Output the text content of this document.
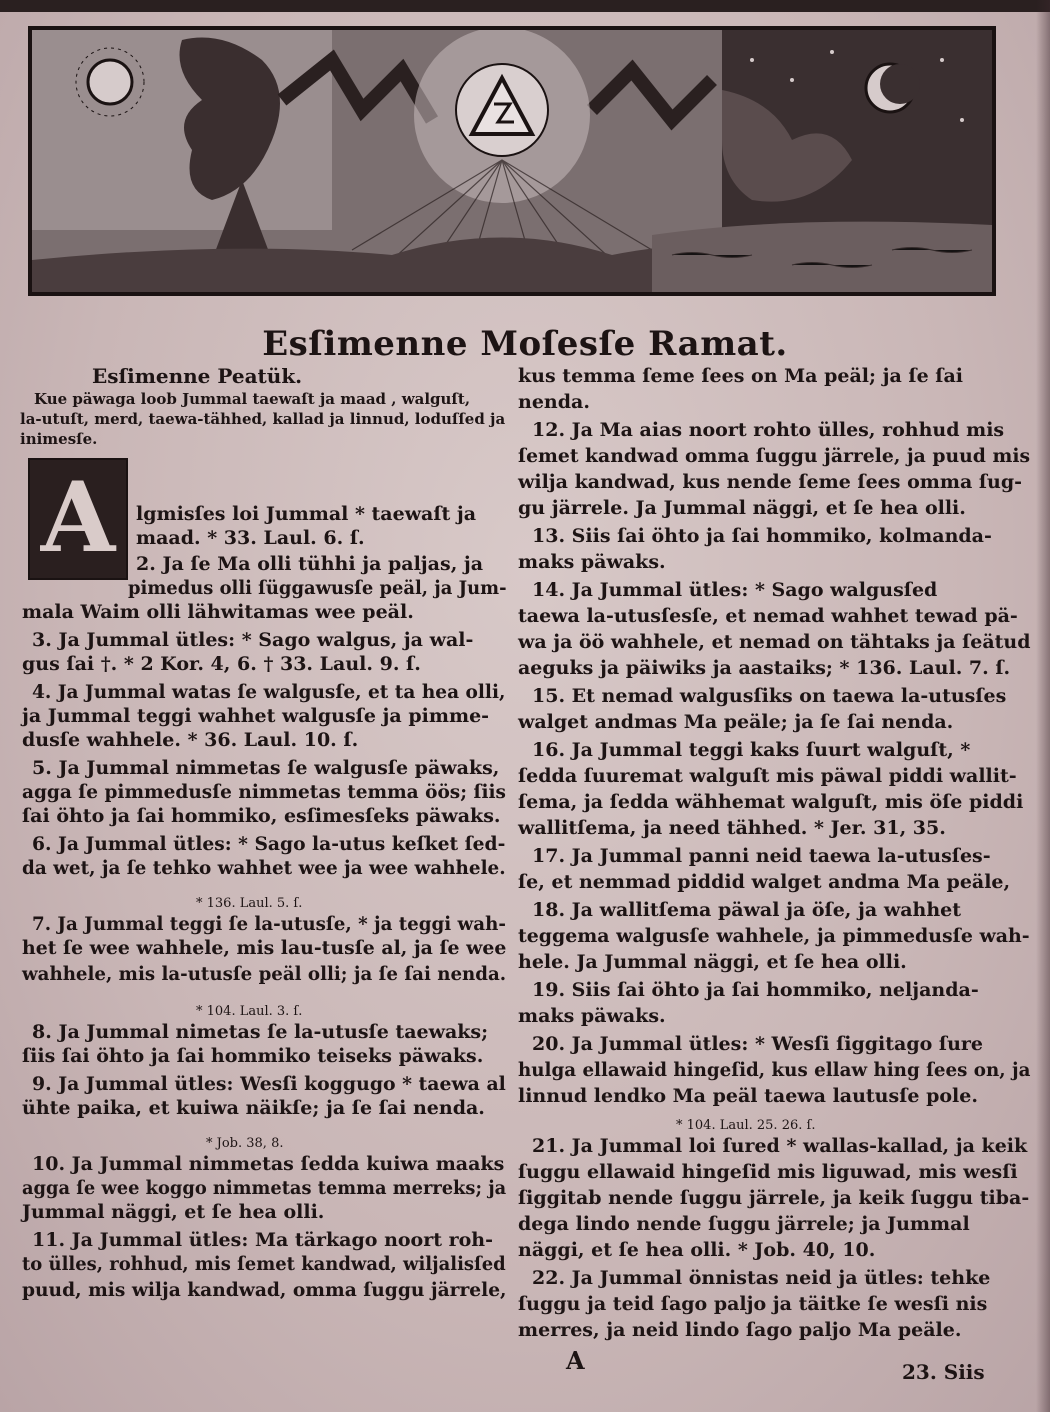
Esſimenne Moſesſe Ramat.
Esſimenne Peatük.
Kue päwaga loob Jummal taewaſt ja maad , walguſt,
la-utuſt, merd, taewa-tähhed, kallad ja linnud, loduſſed ja
inimesſe.
A	lgmisſes loi Jummal * taewaſt ja
maad. * 33. Laul. 6. ſ.
2. Ja ſe Ma olli tühhi ja paljas, ja
pimedus olli ſüggawusſe peäl, ja Jum-
mala Waim olli lähwitamas wee peäl.
3. Ja Jummal ütles: * Sago walgus, ja wal-
gus ſai †. * 2 Kor. 4, 6. † 33. Laul. 9. ſ.
4. Ja Jummal watas ſe walgusſe, et ta hea olli,
ja Jummal teggi wahhet walgusſe ja pimme-
dusſe wahhele. * 36. Laul. 10. ſ.
5. Ja Jummal nimmetas ſe walgusſe päwaks,
agga ſe pimmedusſe nimmetas temma öös; ſiis
ſai öhto ja ſai hommiko, esſimesſeks päwaks.
6. Ja Jummal ütles: * Sago la-utus keſket ſed-
da wet, ja ſe tehko wahhet wee ja wee wahhele.
* 136. Laul. 5. ſ.
7. Ja Jummal teggi ſe la-utusſe, * ja teggi wah-
het ſe wee wahhele, mis lau-tusſe al, ja ſe wee
wahhele, mis la-utusſe peäl olli; ja ſe ſai nenda.
* 104. Laul. 3. ſ.
8. Ja Jummal nimetas ſe la-utusſe taewaks;
ſiis ſai öhto ja ſai hommiko teiseks päwaks.
9. Ja Jummal ütles: Wesſi koggugo * taewa al
ühte paika, et kuiwa näikſe; ja ſe ſai nenda.
* Job. 38, 8.
10. Ja Jummal nimmetas ſedda kuiwa maaks
agga ſe wee koggo nimmetas temma merreks; ja
Jummal näggi, et ſe hea olli.
11. Ja Jummal ütles: Ma tärkago noort roh-
to ülles, rohhud, mis ſemet kandwad, wiljalisſed
puud, mis wilja kandwad, omma ſuggu järrele,
kus temma ſeme ſees on Ma peäl; ja ſe ſai
nenda.
12. Ja Ma aias noort rohto ülles, rohhud mis
ſemet kandwad omma ſuggu järrele, ja puud mis
wilja kandwad, kus nende ſeme ſees omma ſug-
gu järrele. Ja Jummal näggi, et ſe hea olli.
13. Siis ſai öhto ja ſai hommiko, kolmanda-
maks päwaks.
14. Ja Jummal ütles: * Sago walgusſed
taewa la-utusſesſe, et nemad wahhet tewad pä-
wa ja öö wahhele, et nemad on tähtaks ja ſeätud
aeguks ja päiwiks ja aastaiks; * 136. Laul. 7. ſ.
15. Et nemad walgusſiks on taewa la-utusſes
walget andmas Ma peäle; ja ſe ſai nenda.
16. Ja Jummal teggi kaks ſuurt walguſt, *
ſedda ſuuremat walguſt mis päwal piddi wallit-
ſema, ja ſedda wähhemat walguſt, mis öſe piddi
wallitſema, ja need tähhed. * Jer. 31, 35.
17. Ja Jummal panni neid taewa la-utusſes-
ſe, et nemmad piddid walget andma Ma peäle,
18. Ja wallitſema päwal ja öſe, ja wahhet
teggema walgusſe wahhele, ja pimmedusſe wah-
hele. Ja Jummal näggi, et ſe hea olli.
19. Siis ſai öhto ja ſai hommiko, neljanda-
maks päwaks.
20. Ja Jummal ütles: * Wesſi ſiggitago ſure
hulga ellawaid hingeſid, kus ellaw hing ſees on, ja
linnud lendko Ma peäl taewa lautusſe pole.
* 104. Laul. 25. 26. ſ.
21. Ja Jummal loi ſured * wallas-kallad, ja keik
ſuggu ellawaid hingeſid mis liguwad, mis wesſi
ſiggitab nende ſuggu järrele, ja keik ſuggu tiba-
dega lindo nende ſuggu järrele; ja Jummal
näggi, et ſe hea olli. * Job. 40, 10.
22. Ja Jummal önnistas neid ja ütles: tehke
ſuggu ja teid ſago paljo ja täitke ſe wesſi nis
merres, ja neid lindo ſago paljo Ma peäle.
A	23. Siis
